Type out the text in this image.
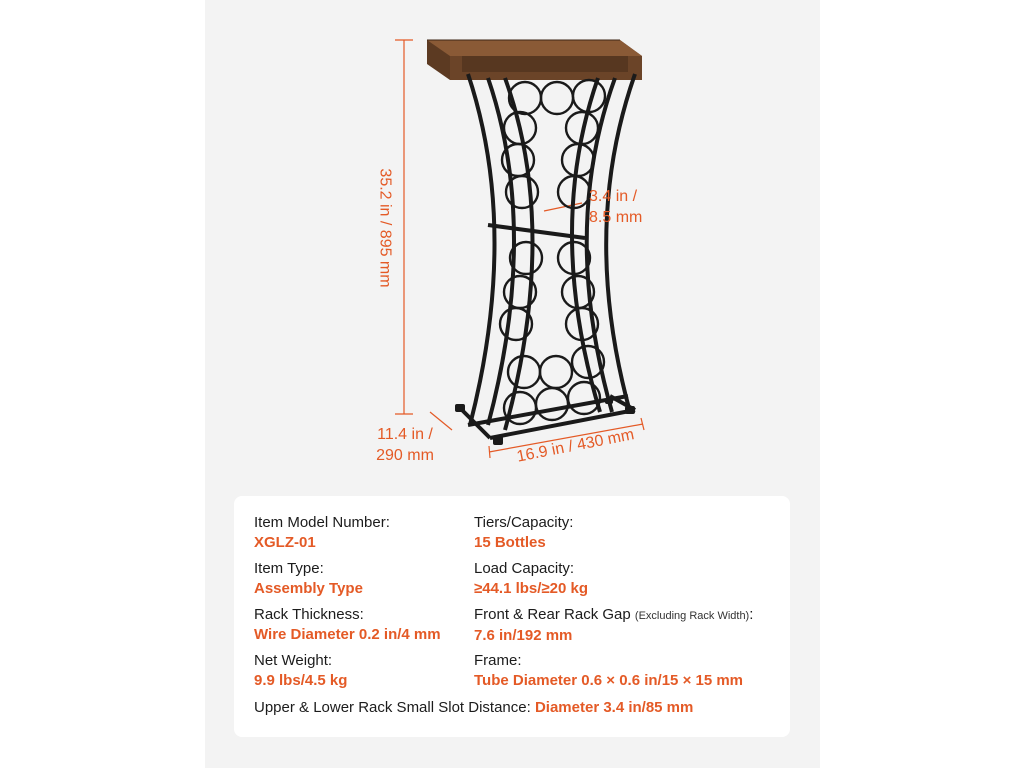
35.2 in / 895 mm	3.4 in /
8.5 mm
11.4 in /
290 mm	16.9 in / 430 mm
Item Model Number:
XGLZ-01
Tiers/Capacity:
15 Bottles
Item Type:
Assembly Type
Load Capacity:
≥44.1 lbs/≥20 kg
Rack Thickness:
Wire Diameter 0.2 in/4 mm
Front & Rear Rack Gap (Excluding Rack Width):
7.6 in/192 mm
Net Weight:
9.9 lbs/4.5 kg
Frame:
Tube Diameter 0.6 × 0.6 in/15 × 15 mm
Upper & Lower Rack Small Slot Distance: Diameter 3.4 in/85 mm
